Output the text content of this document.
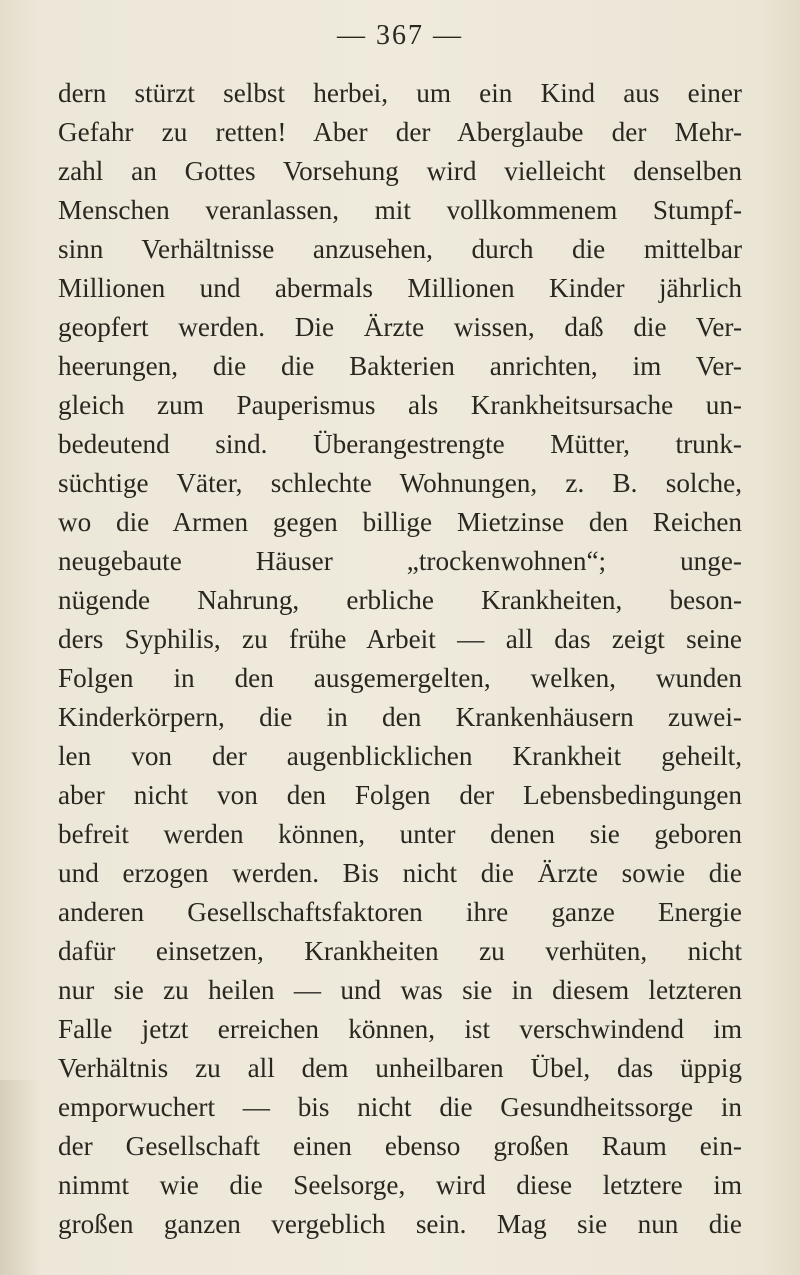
— 367 —
dern stürzt selbst herbei, um ein Kind aus einer
Gefahr zu retten! Aber der Aberglaube der Mehr-
zahl an Gottes Vorsehung wird vielleicht denselben
Menschen veranlassen, mit vollkommenem Stumpf-
sinn Verhältnisse anzusehen, durch die mittelbar
Millionen und abermals Millionen Kinder jährlich
geopfert werden. Die Ärzte wissen, daß die Ver-
heerungen, die die Bakterien anrichten, im Ver-
gleich zum Pauperismus als Krankheitsursache un-
bedeutend sind. Überangestrengte Mütter, trunk-
süchtige Väter, schlechte Wohnungen, z. B. solche,
wo die Armen gegen billige Mietzinse den Reichen
neugebaute Häuser „trockenwohnen“; unge-
nügende Nahrung, erbliche Krankheiten, beson-
ders Syphilis, zu frühe Arbeit — all das zeigt seine
Folgen in den ausgemergelten, welken, wunden
Kinderkörpern, die in den Krankenhäusern zuwei-
len von der augenblicklichen Krankheit geheilt,
aber nicht von den Folgen der Lebensbedingungen
befreit werden können, unter denen sie geboren
und erzogen werden. Bis nicht die Ärzte sowie die
anderen Gesellschaftsfaktoren ihre ganze Energie
dafür einsetzen, Krankheiten zu verhüten, nicht
nur sie zu heilen — und was sie in diesem letzteren
Falle jetzt erreichen können, ist verschwindend im
Verhältnis zu all dem unheilbaren Übel, das üppig
emporwuchert — bis nicht die Gesundheitssorge in
der Gesellschaft einen ebenso großen Raum ein-
nimmt wie die Seelsorge, wird diese letztere im
großen ganzen vergeblich sein. Mag sie nun die
